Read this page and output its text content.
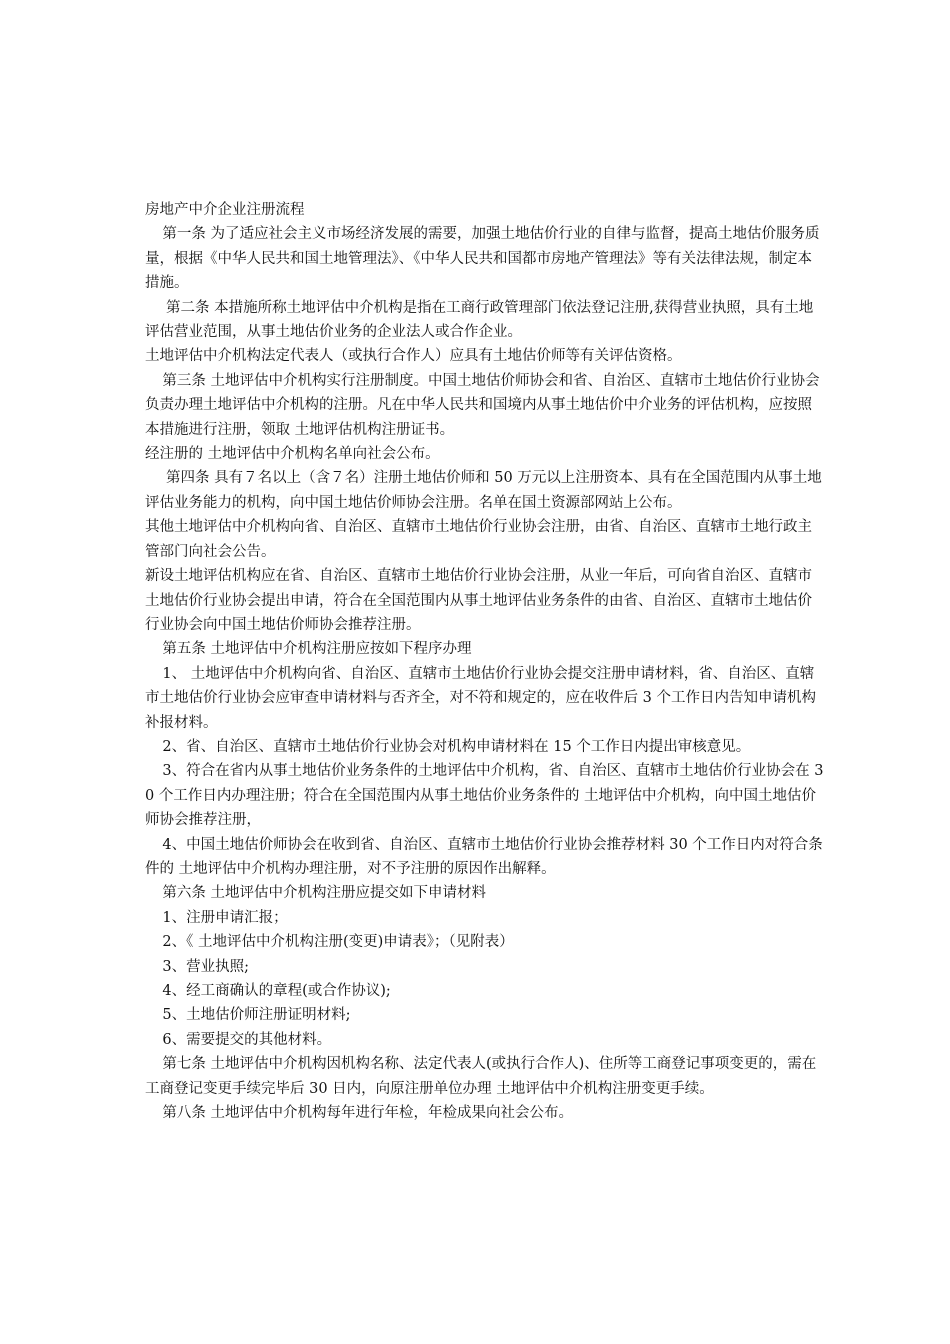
房地产中介企业注册流程

第一条 为了适应社会主义市场经济发展的需要，加强土地估价行业的自律与监督，提高土地估价服务质量，根据《中华人民共和国土地管理法》、《中华人民共和国都市房地产管理法》等有关法律法规，制定本措施。

第二条 本措施所称土地评估中介机构是指在工商行政管理部门依法登记注册,获得营业执照，具有土地评估营业范围，从事土地估价业务的企业法人或合作企业。

土地评估中介机构法定代表人（或执行合作人）应具有土地估价师等有关评估资格。

第三条 土地评估中介机构实行注册制度。中国土地估价师协会和省、自治区、直辖市土地估价行业协会负责办理土地评估中介机构的注册。凡在中华人民共和国境内从事土地估价中介业务的评估机构，应按照本措施进行注册，领取 土地评估机构注册证书。

经注册的 土地评估中介机构名单向社会公布。

第四条 具有７名以上（含７名）注册土地估价师和 50 万元以上注册资本、具有在全国范围内从事土地评估业务能力的机构，向中国土地估价师协会注册。名单在国土资源部网站上公布。

其他土地评估中介机构向省、自治区、直辖市土地估价行业协会注册，由省、自治区、直辖市土地行政主管部门向社会公告。

新设土地评估机构应在省、自治区、直辖市土地估价行业协会注册，从业一年后，可向省自治区、直辖市土地估价行业协会提出申请，符合在全国范围内从事土地评估业务条件的由省、自治区、直辖市土地估价行业协会向中国土地估价师协会推荐注册。

第五条 土地评估中介机构注册应按如下程序办理

1、 土地评估中介机构向省、自治区、直辖市土地估价行业协会提交注册申请材料，省、自治区、直辖市土地估价行业协会应审查申请材料与否齐全，对不符和规定的，应在收件后 3 个工作日内告知申请机构补报材料。

2、省、自治区、直辖市土地估价行业协会对机构申请材料在 15 个工作日内提出审核意见。

3、符合在省内从事土地估价业务条件的土地评估中介机构，省、自治区、直辖市土地估价行业协会在 30 个工作日内办理注册；符合在全国范围内从事土地估价业务条件的 土地评估中介机构，向中国土地估价师协会推荐注册，

4、中国土地估价师协会在收到省、自治区、直辖市土地估价行业协会推荐材料 30 个工作日内对符合条件的 土地评估中介机构办理注册，对不予注册的原因作出解释。

第六条 土地评估中介机构注册应提交如下申请材料

1、注册申请汇报；

2、《 土地评估中介机构注册(变更)申请表》；（见附表）

3、营业执照;

4、经工商确认的章程(或合作协议);

5、土地估价师注册证明材料;

6、需要提交的其他材料。

第七条 土地评估中介机构因机构名称、法定代表人(或执行合作人)、住所等工商登记事项变更的，需在工商登记变更手续完毕后 30 日内，向原注册单位办理 土地评估中介机构注册变更手续。

第八条 土地评估中介机构每年进行年检，年检成果向社会公布。
